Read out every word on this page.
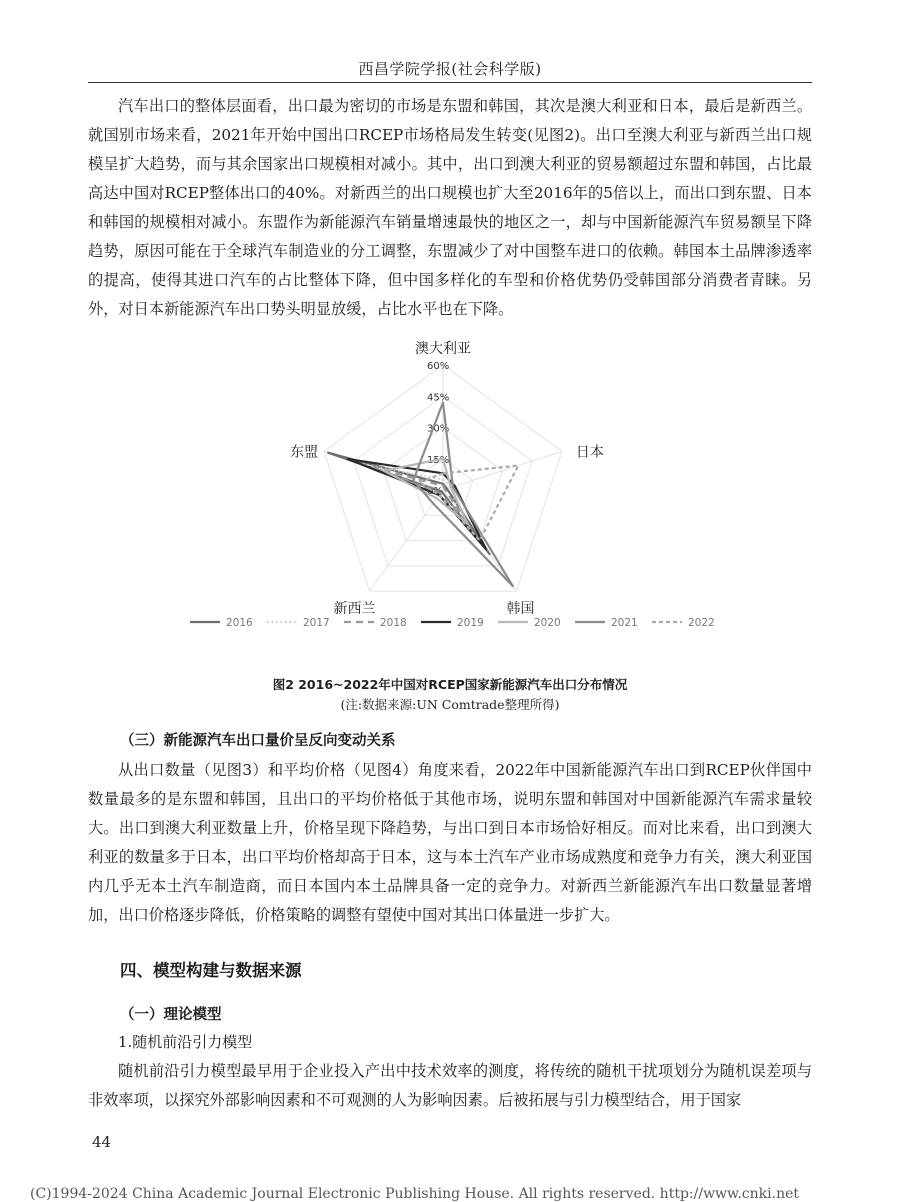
西昌学院学报(社会科学版)

汽车出口的整体层面看，出口最为密切的市场是东盟和韩国，其次是澳大利亚和日本，最后是新西兰。就国别市场来看，2021年开始中国出口RCEP市场格局发生转变(见图2)。出口至澳大利亚与新西兰出口规模呈扩大趋势，而与其余国家出口规模相对减小。其中，出口到澳大利亚的贸易额超过东盟和韩国，占比最高达中国对RCEP整体出口的40%。对新西兰的出口规模也扩大至2016年的5倍以上，而出口到东盟、日本和韩国的规模相对减小。东盟作为新能源汽车销量增速最快的地区之一，却与中国新能源汽车贸易额呈下降趋势，原因可能在于全球汽车制造业的分工调整，东盟减少了对中国整车进口的依赖。韩国本土品牌渗透率的提高，使得其进口汽车的占比整体下降，但中国多样化的车型和价格优势仍受韩国部分消费者青睐。另外，对日本新能源汽车出口势头明显放缓，占比水平也在下降。

60%
45%
30%
15%
0%
澳大利亚
日本
韩国
新西兰
东盟
2016	2017	2018	2019	2020	2021	2022
图2 2016~2022年中国对RCEP国家新能源汽车出口分布情况
(注:数据来源:UN Comtrade整理所得)
（三）新能源汽车出口量价呈反向变动关系

从出口数量（见图3）和平均价格（见图4）角度来看，2022年中国新能源汽车出口到RCEP伙伴国中数量最多的是东盟和韩国，且出口的平均价格低于其他市场，说明东盟和韩国对中国新能源汽车需求量较大。出口到澳大利亚数量上升，价格呈现下降趋势，与出口到日本市场恰好相反。而对比来看，出口到澳大利亚的数量多于日本，出口平均价格却高于日本，这与本土汽车产业市场成熟度和竞争力有关，澳大利亚国内几乎无本土汽车制造商，而日本国内本土品牌具备一定的竞争力。对新西兰新能源汽车出口数量显著增加，出口价格逐步降低，价格策略的调整有望使中国对其出口体量进一步扩大。

四、模型构建与数据来源
（一）理论模型
1.随机前沿引力模型

随机前沿引力模型最早用于企业投入产出中技术效率的测度，将传统的随机干扰项划分为随机误差项与非效率项，以探究外部影响因素和不可观测的人为影响因素。后被拓展与引力模型结合，用于国家

44
(C)1994-2024 China Academic Journal Electronic Publishing House. All rights reserved. http://www.cnki.net
